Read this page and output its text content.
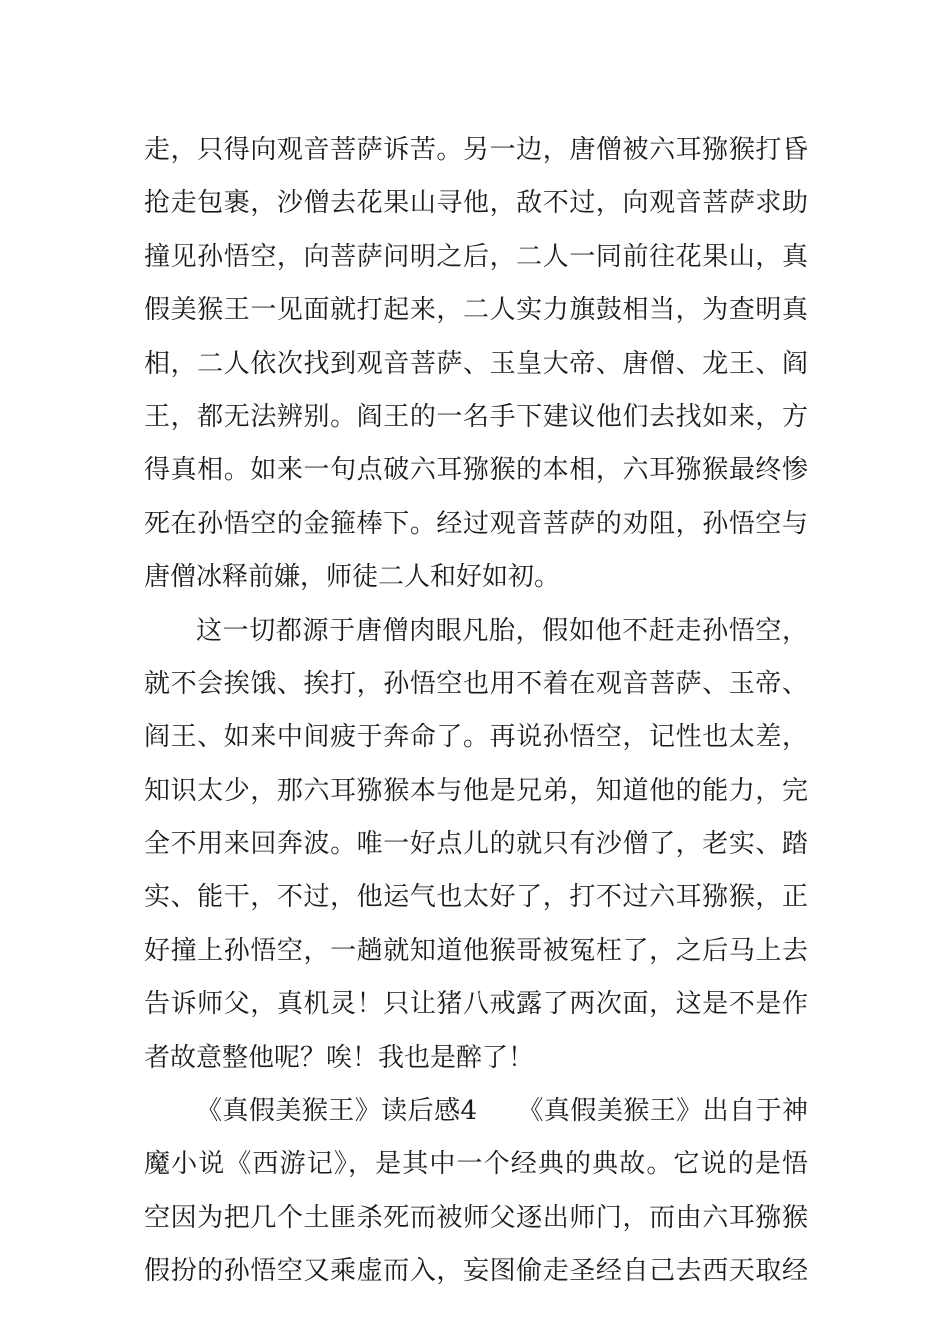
走，只得向观音菩萨诉苦。另一边，唐僧被六耳猕猴打昏
抢走包裹，沙僧去花果山寻他，敌不过，向观音菩萨求助
撞见孙悟空，向菩萨问明之后，二人一同前往花果山，真
假美猴王一见面就打起来，二人实力旗鼓相当，为查明真
相，二人依次找到观音菩萨、玉皇大帝、唐僧、龙王、阎
王，都无法辨别。阎王的一名手下建议他们去找如来，方
得真相。如来一句点破六耳猕猴的本相，六耳猕猴最终惨
死在孙悟空的金箍棒下。经过观音菩萨的劝阻，孙悟空与
唐僧冰释前嫌，师徒二人和好如初。
这一切都源于唐僧肉眼凡胎，假如他不赶走孙悟空，
就不会挨饿、挨打，孙悟空也用不着在观音菩萨、玉帝、
阎王、如来中间疲于奔命了。再说孙悟空，记性也太差，
知识太少，那六耳猕猴本与他是兄弟，知道他的能力，完
全不用来回奔波。唯一好点儿的就只有沙僧了，老实、踏
实、能干，不过，他运气也太好了，打不过六耳猕猴，正
好撞上孙悟空，一趟就知道他猴哥被冤枉了，之后马上去
告诉师父，真机灵！只让猪八戒露了两次面，这是不是作
者故意整他呢？唉！我也是醉了！
《真假美猴王》读后感4　　《真假美猴王》出自于神
魔小说《西游记》，是其中一个经典的典故。它说的是悟
空因为把几个土匪杀死而被师父逐出师门，而由六耳猕猴
假扮的孙悟空又乘虚而入，妄图偷走圣经自己去西天取经
